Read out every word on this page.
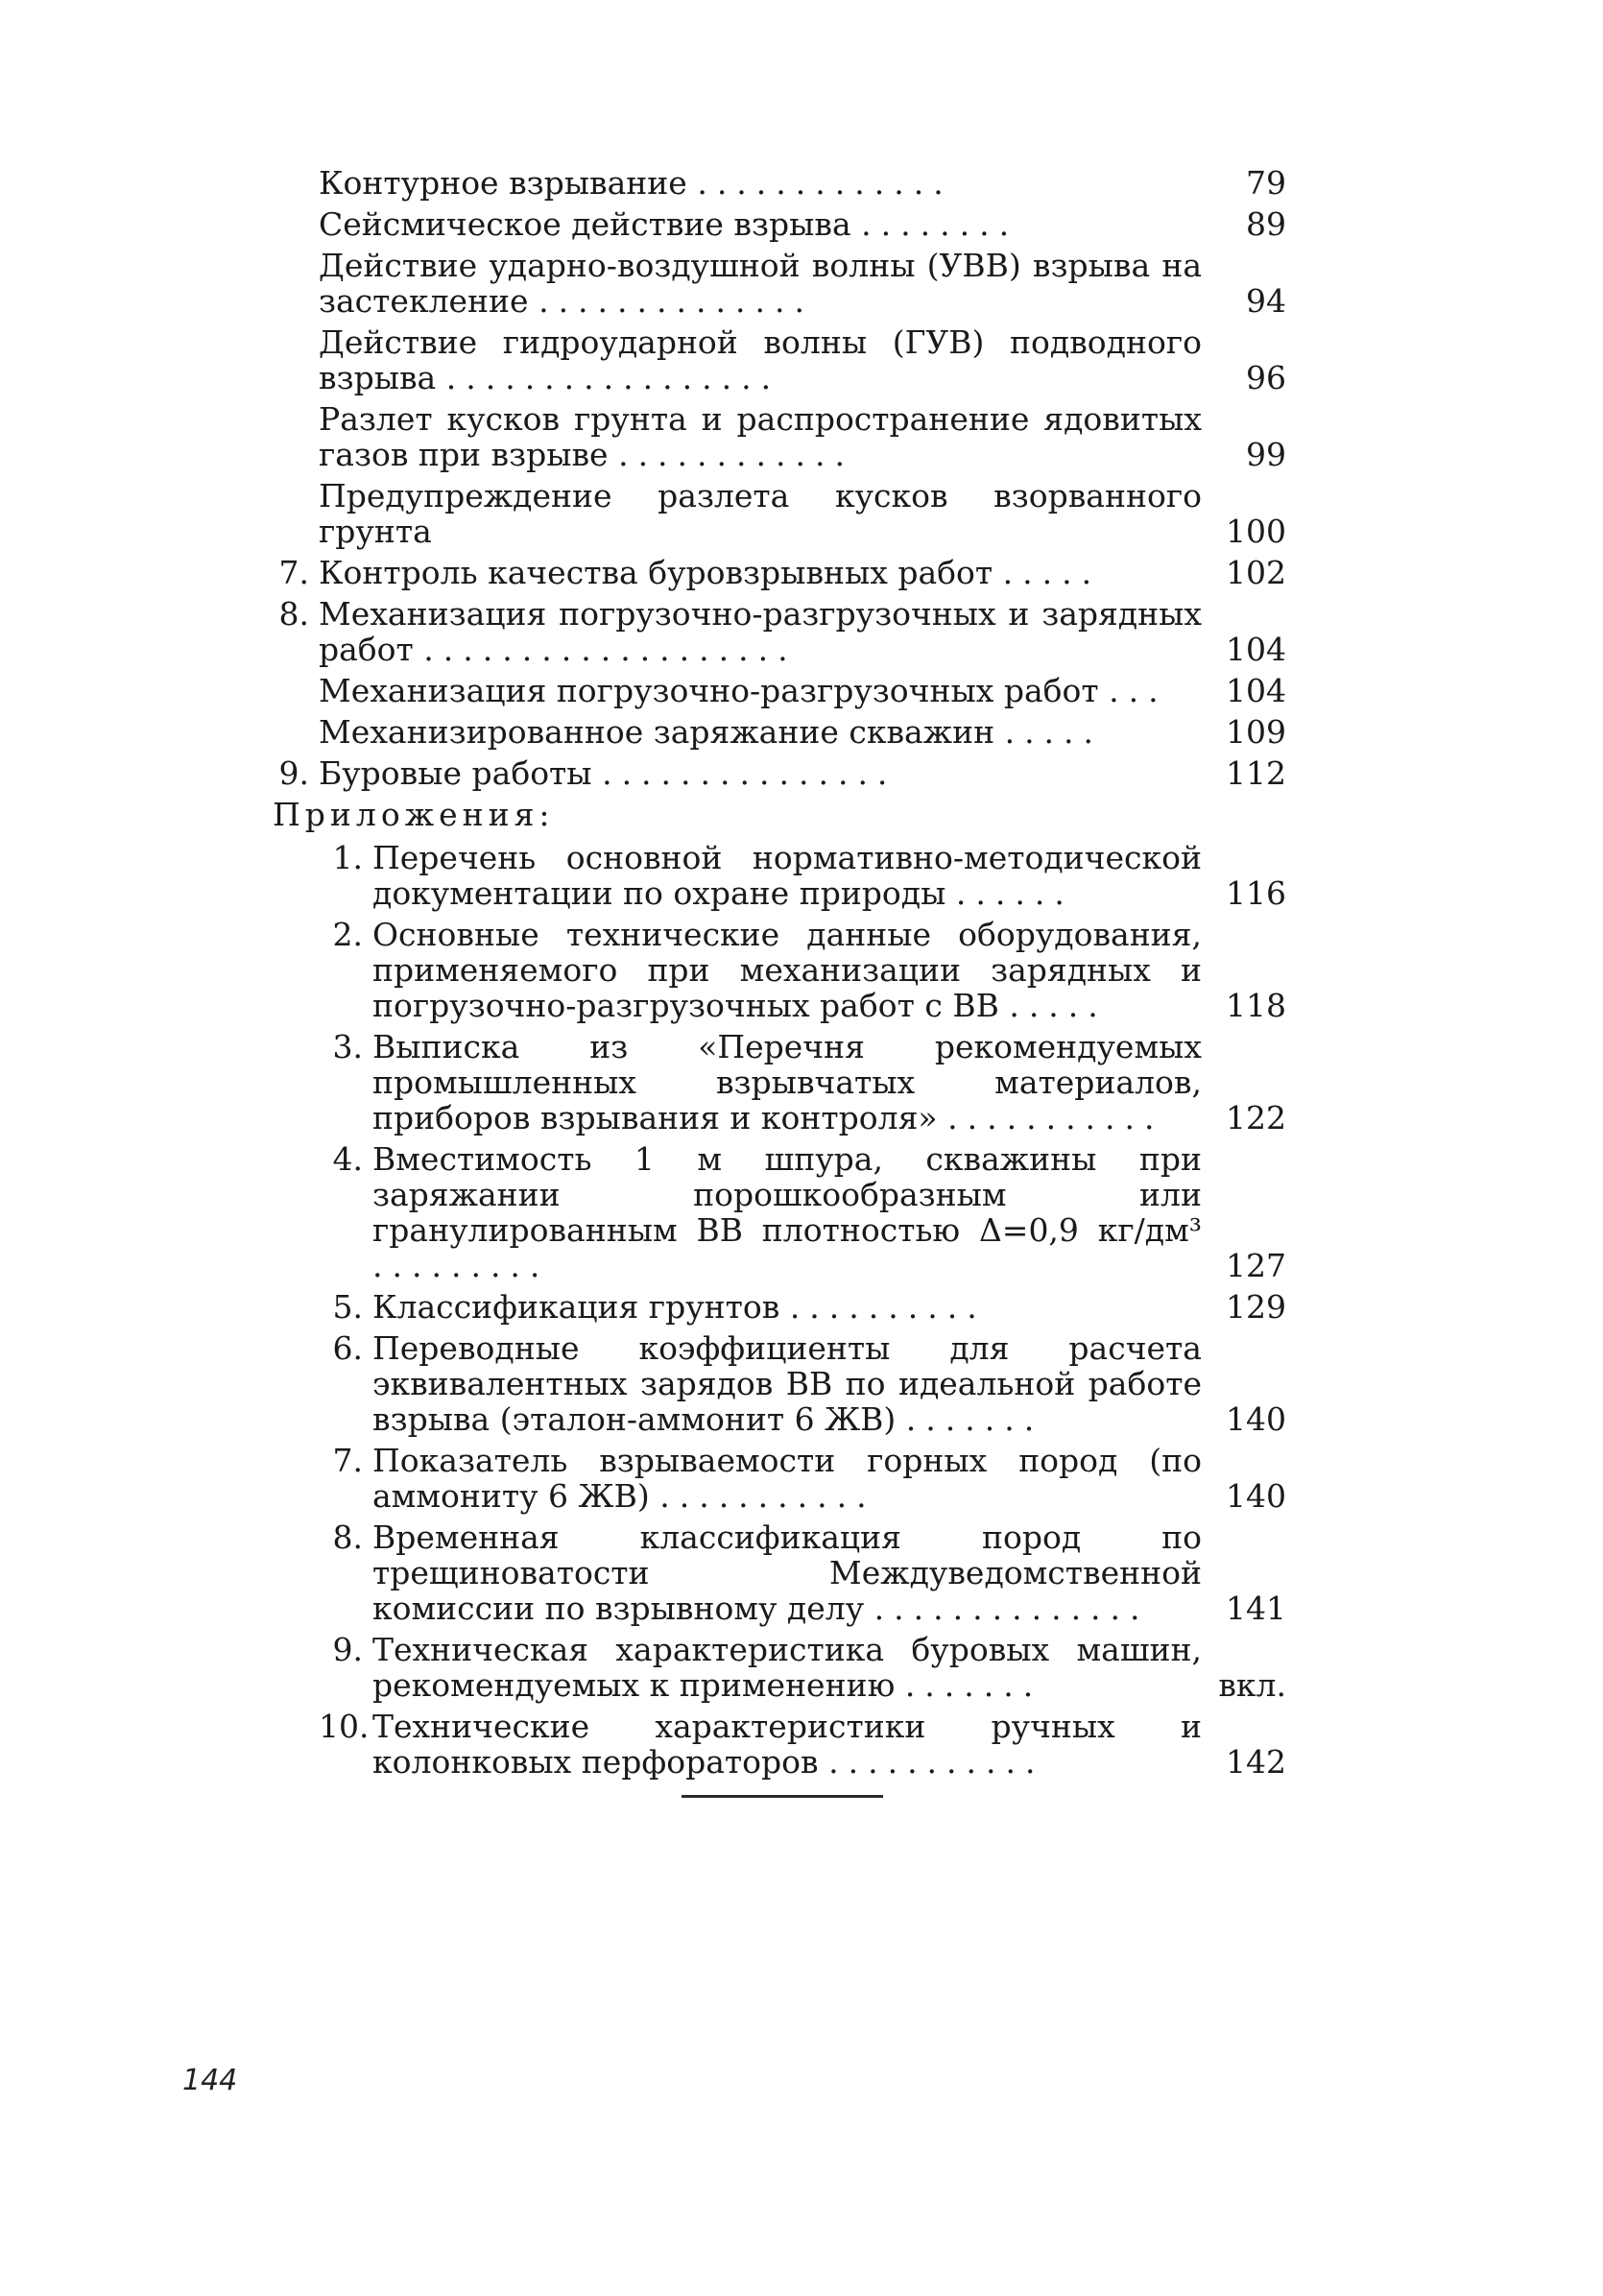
Контурное взрывание .............	79
Сейсмическое действие взрыва ........	89
Действие ударно-воздушной волны (УВВ) взрыва на застекление ..............	94
Действие гидроударной волны (ГУВ) подводного взрыва .................	96
Разлет кусков грунта и распространение ядовитых газов при взрыве ............	99
Предупреждение разлета кусков взорванного грунта	100
7. Контроль качества буровзрывных работ .....	102
8. Механизация погрузочно-разгрузочных и зарядных работ ...................	104
Механизация погрузочно-разгрузочных работ ...	104
Механизированное заряжание скважин .....	109
9. Буровые работы ...............	112
Приложения:
1. Перечень основной нормативно-методической документации по охране природы ......	116
2. Основные технические данные оборудования, применяемого при механизации зарядных и погрузочно-разгрузочных работ с ВВ .....	118
3. Выписка из «Перечня рекомендуемых промышленных взрывчатых материалов, приборов взрывания и контроля» ...........	122
4. Вместимость 1 м шпура, скважины при заряжании порошкообразным или гранулированным ВВ плотностью Δ=0,9 кг/дм³ .........	127
5. Классификация грунтов ..........	129
6. Переводные коэффициенты для расчета эквивалентных зарядов ВВ по идеальной работе взрыва (эталон-аммонит 6 ЖВ) .......	140
7. Показатель взрываемости горных пород (по аммониту 6 ЖВ) ...........	140
8. Временная классификация пород по трещиноватости Междуведомственной комиссии по взрывному делу ..............	141
9. Техническая характеристика буровых машин, рекомендуемых к применению .......	вкл.
10. Технические характеристики ручных и колонковых перфораторов ...........	142
144
